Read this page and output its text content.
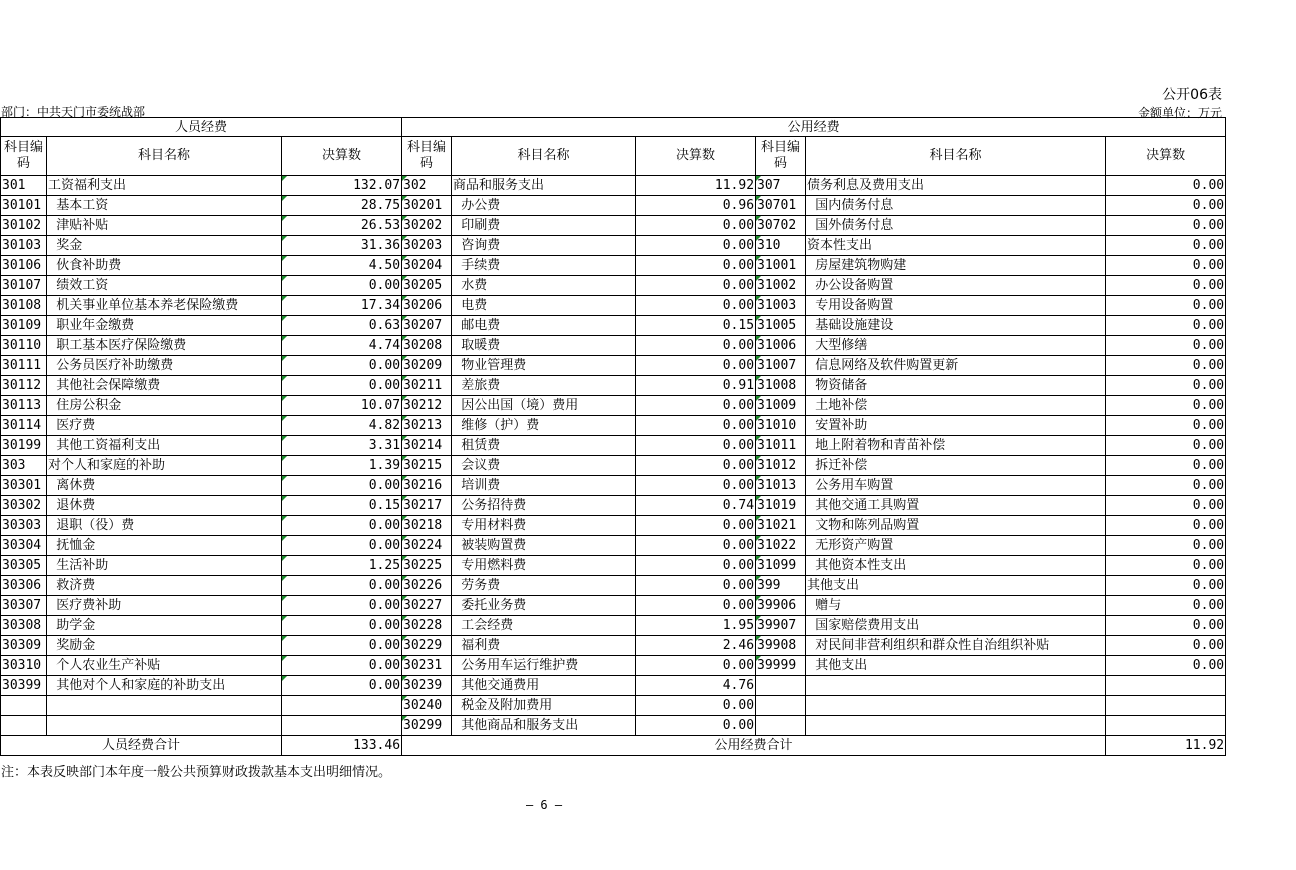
公开06表
部门：中共天门市委统战部	金额单位：万元
人员经费			公用经费					
科目编码	科目名称	决算数	科目编码	科目名称	决算数	科目编码	科目名称	决算数
301	工资福利支出	132.07	302	商品和服务支出	11.92	307	债务利息及费用支出	0.00
30101	基本工资	28.75	30201	办公费	0.96	30701	国内债务付息	0.00
30102	津贴补贴	26.53	30202	印刷费	0.00	30702	国外债务付息	0.00
30103	奖金	31.36	30203	咨询费	0.00	310	资本性支出	0.00
30106	伙食补助费	4.50	30204	手续费	0.00	31001	房屋建筑物购建	0.00
30107	绩效工资	0.00	30205	水费	0.00	31002	办公设备购置	0.00
30108	机关事业单位基本养老保险缴费	17.34	30206	电费	0.00	31003	专用设备购置	0.00
30109	职业年金缴费	0.63	30207	邮电费	0.15	31005	基础设施建设	0.00
30110	职工基本医疗保险缴费	4.74	30208	取暖费	0.00	31006	大型修缮	0.00
30111	公务员医疗补助缴费	0.00	30209	物业管理费	0.00	31007	信息网络及软件购置更新	0.00
30112	其他社会保障缴费	0.00	30211	差旅费	0.91	31008	物资储备	0.00
30113	住房公积金	10.07	30212	因公出国（境）费用	0.00	31009	土地补偿	0.00
30114	医疗费	4.82	30213	维修（护）费	0.00	31010	安置补助	0.00
30199	其他工资福利支出	3.31	30214	租赁费	0.00	31011	地上附着物和青苗补偿	0.00
303	对个人和家庭的补助	1.39	30215	会议费	0.00	31012	拆迁补偿	0.00
30301	离休费	0.00	30216	培训费	0.00	31013	公务用车购置	0.00
30302	退休费	0.15	30217	公务招待费	0.74	31019	其他交通工具购置	0.00
30303	退职（役）费	0.00	30218	专用材料费	0.00	31021	文物和陈列品购置	0.00
30304	抚恤金	0.00	30224	被装购置费	0.00	31022	无形资产购置	0.00
30305	生活补助	1.25	30225	专用燃料费	0.00	31099	其他资本性支出	0.00
30306	救济费	0.00	30226	劳务费	0.00	399	其他支出	0.00
30307	医疗费补助	0.00	30227	委托业务费	0.00	39906	赠与	0.00
30308	助学金	0.00	30228	工会经费	1.95	39907	国家赔偿费用支出	0.00
30309	奖励金	0.00	30229	福利费	2.46	39908	对民间非营利组织和群众性自治组织补贴	0.00
30310	个人农业生产补贴	0.00	30231	公务用车运行维护费	0.00	39999	其他支出	0.00
30399	其他对个人和家庭的补助支出	0.00	30239	其他交通费用	4.76			
			30240	税金及附加费用	0.00			
			30299	其他商品和服务支出	0.00			
人员经费合计		133.46	公用经费合计					11.92
注：本表反映部门本年度一般公共预算财政拨款基本支出明细情况。
— 6 —
